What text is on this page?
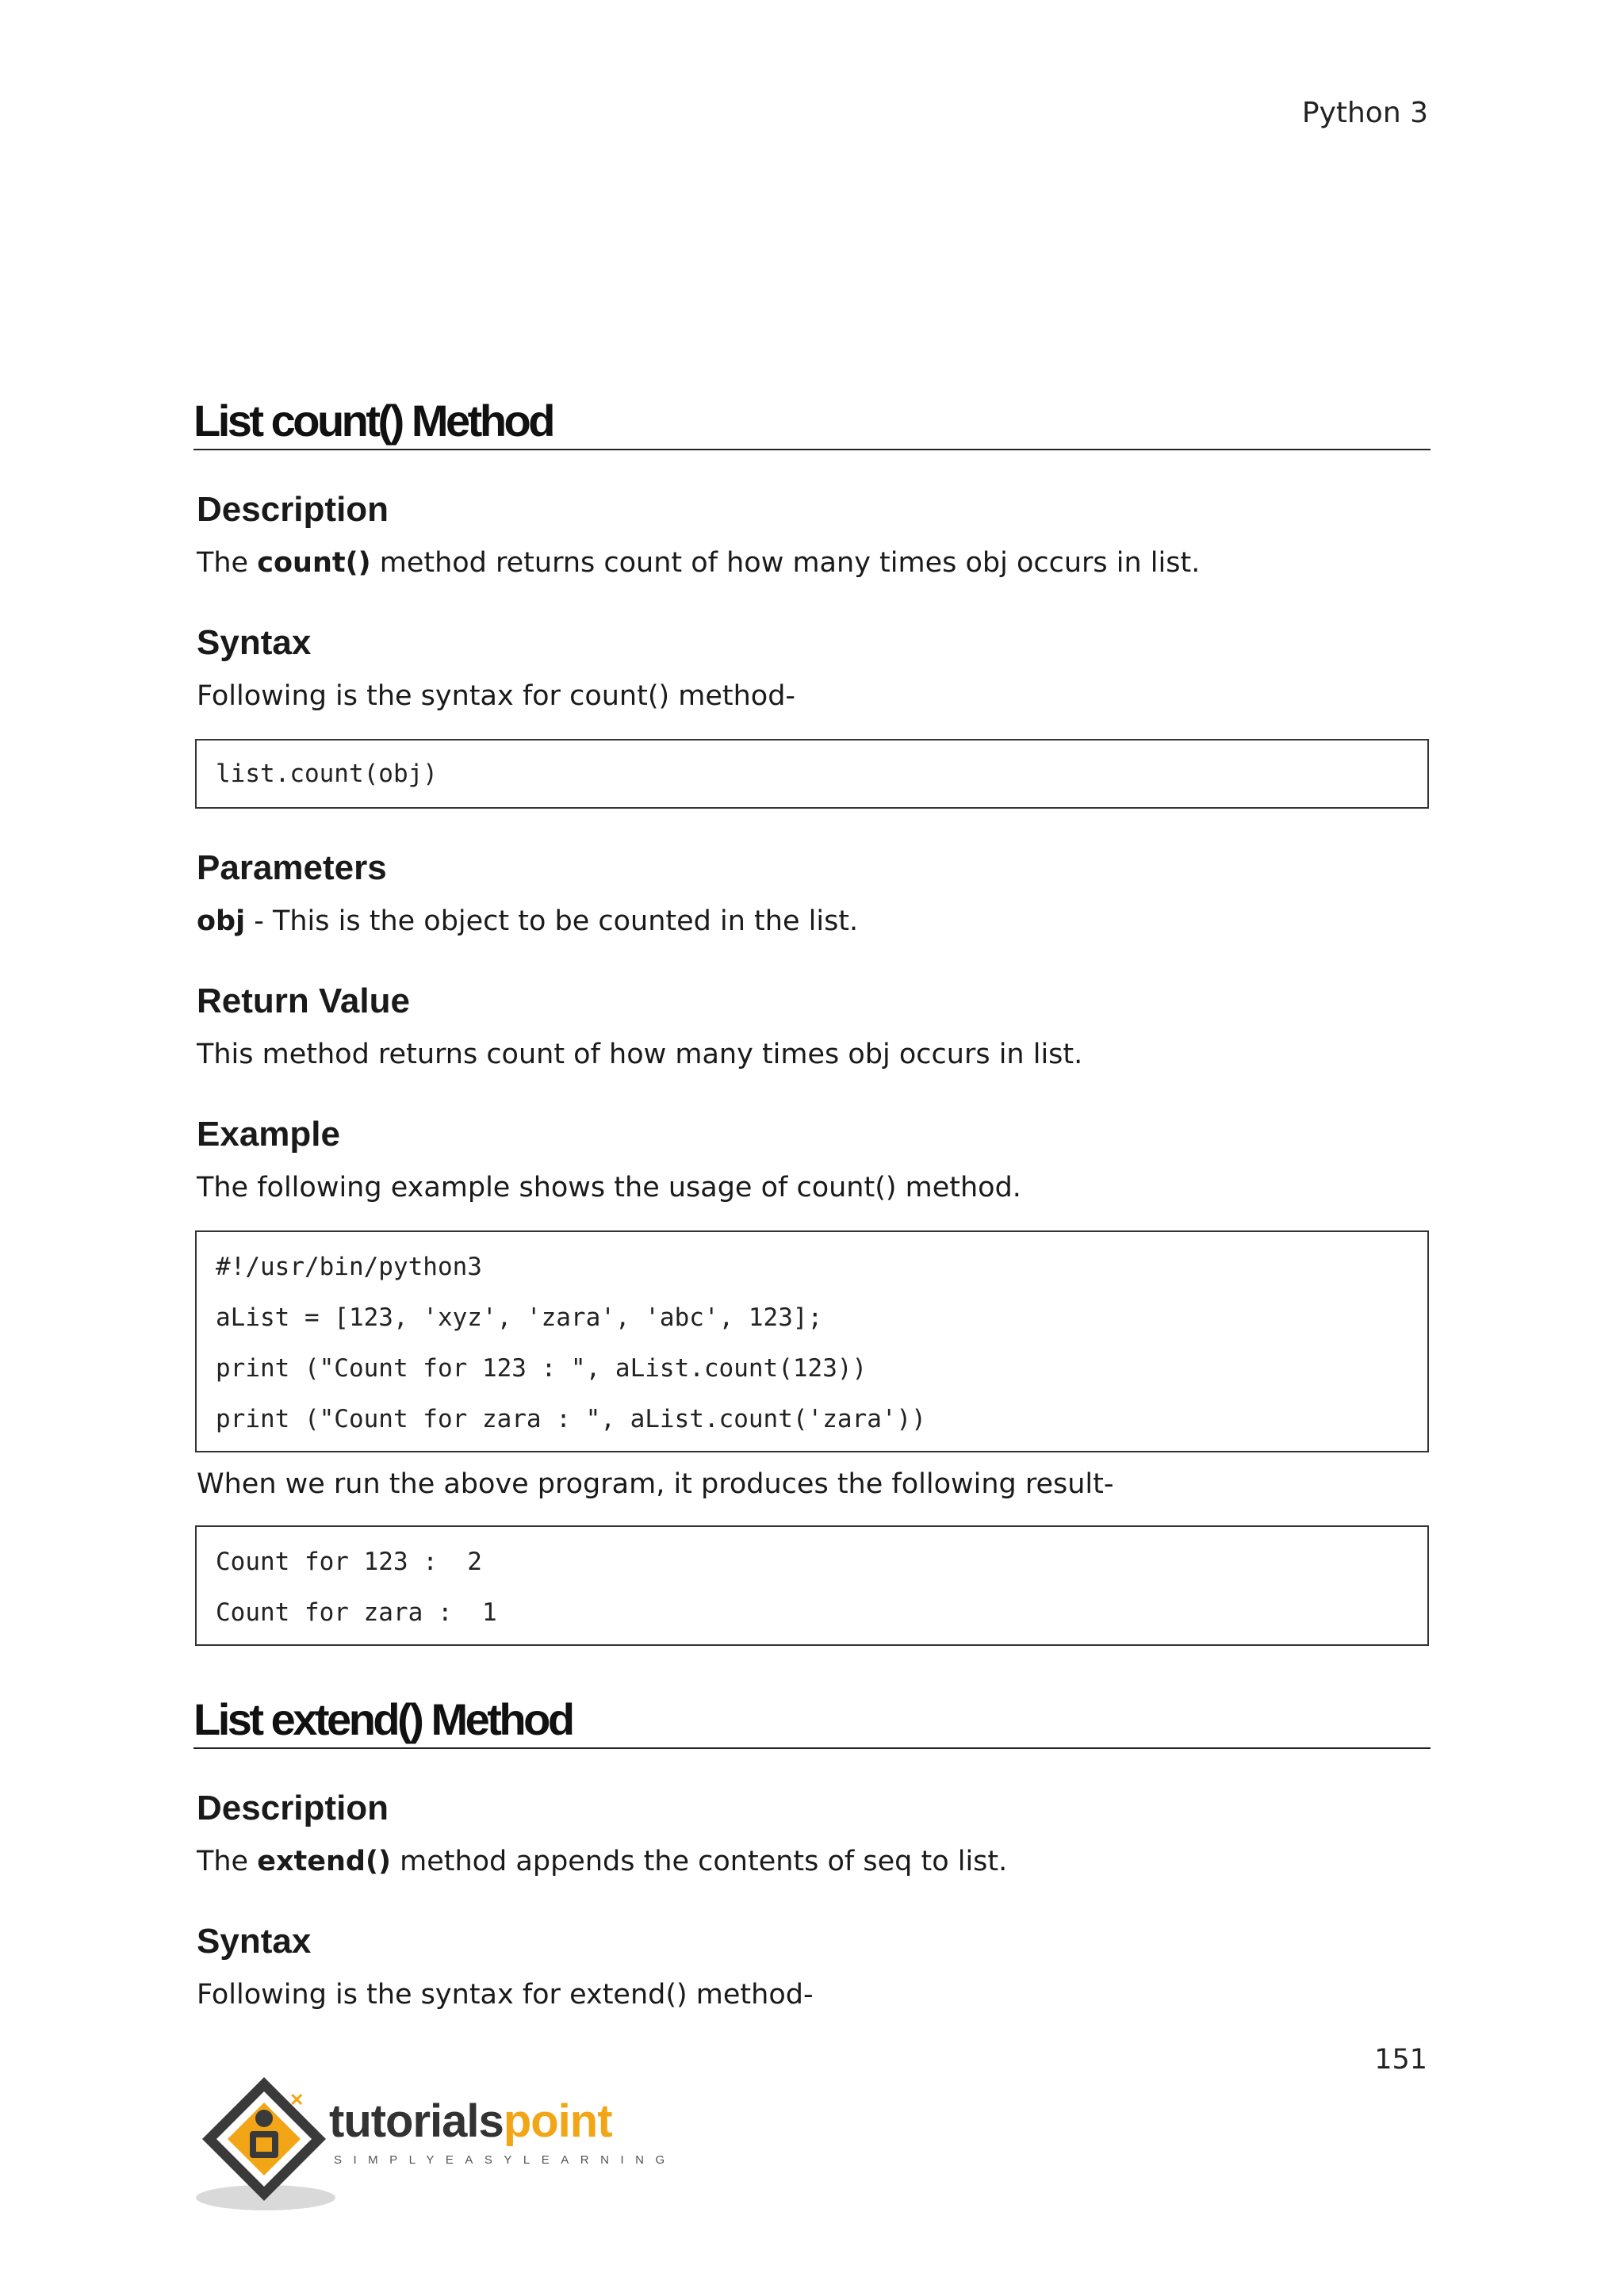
Python 3
List count() Method
Description
The count() method returns count of how many times obj occurs in list.
Syntax
Following is the syntax for count() method-
list.count(obj)
Parameters
obj - This is the object to be counted in the list.
Return Value
This method returns count of how many times obj occurs in list.
Example
The following example shows the usage of count() method.
#!/usr/bin/python3
aList = [123, 'xyz', 'zara', 'abc', 123];
print ("Count for 123 : ", aList.count(123))
print ("Count for zara : ", aList.count('zara'))
When we run the above program, it produces the following result-
Count for 123 :  2
Count for zara :  1
List extend() Method
Description
The extend() method appends the contents of seq to list.
Syntax
Following is the syntax for extend() method-
151
✕ tutorialspoint
SIMPLYEASYLEARNING
